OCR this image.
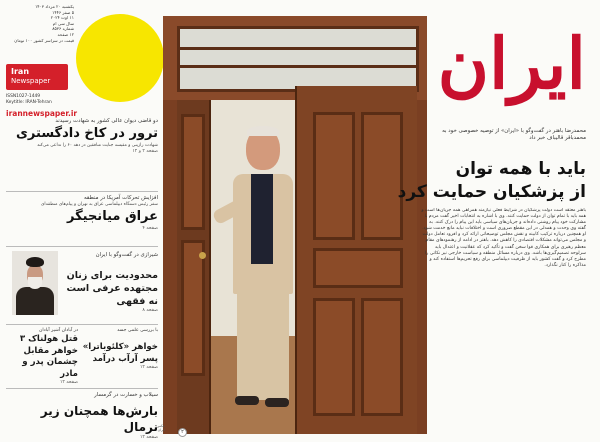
یکشنبه ۲۰ مرداد ۱۴۰۳
۵ صفر ۱۴۴۶
۱۱ اوت ۲۰۲۴
سال سی ام
شماره ۸۵۳۶
۱۲ صفحه
قیمت در سراسر کشور ۱۰۰ تومان
Iran
Newspaper
ISSN1027-1449
Keytitle: IRAN-Tehran
irannewspaper.ir
ایران
عکس: ایران	۲
محمدرضا باهنر در گفت‌وگو با «ایران» از توصیه خصوصی خود به محمدباقر قالیباف خبر داد
باید با همه توان
از پزشکیان حمایت کرد
باهنر معتقد است دولت پزشکیان در شرایط فعلی نیازمند همراهی همه جریان‌ها است و همه باید با تمام توان از دولت حمایت کنند. وی با اشاره به انتخابات اخیر گفت مردم با مشارکت خود پیام روشنی داده‌اند و جریان‌های سیاسی باید این پیام را درک کنند. به گفته وی وحدت و همدلی در این مقطع ضروری است و اختلافات نباید مانع خدمت شود. او همچنین درباره ترکیب کابینه و نقش مجلس توضیحاتی ارائه کرد و افزود تعامل دولت و مجلس می‌تواند مشکلات اقتصادی را کاهش دهد. باهنر در ادامه از رهنمودهای مقام معظم رهبری برای همکاری قوا سخن گفت و تأکید کرد که عقلانیت و اعتدال باید سرلوحه تصمیم‌گیری‌ها باشد. وی درباره مسائل منطقه و سیاست خارجی نیز نکاتی را مطرح کرد و گفت کشور باید از ظرفیت دیپلماسی برای رفع تحریم‌ها استفاده کند و مذاکره را کنار نگذارد.
دو قاضی دیوان عالی کشور به شهادت رسیدند
ترور در کاخ دادگستری
شهادت رازینی و مقیسه جنایت منافقین در دهه ۶۰ را تداعی می‌کند
صفحه ۲ و ۱۲
افزایش تحرکات آمریکا در منطقه
سفر رئیس دستگاه دیپلماسی عراق به تهران و پیام‌های منطقه‌ای
عراق میانجیگر
صفحه ۴
شیرازی در گفت‌وگو با ایران
محدودیت برای زنان مجتهده عرفی است نه فقهی
صفحه ۸
در آبادان آشپز آبادان
قتل هولناک ۳ خواهر مقابل چشمان پدر و مادر
صفحه ۱۲
با بررسی علمی جسد
خواهر «کلئوباترا» پسر آرآب درآمد
صفحه ۱۲
سیلاب و خسارت در گرمسار
بارش‌ها همچنان زیر نرمال
صفحه ۱۲
